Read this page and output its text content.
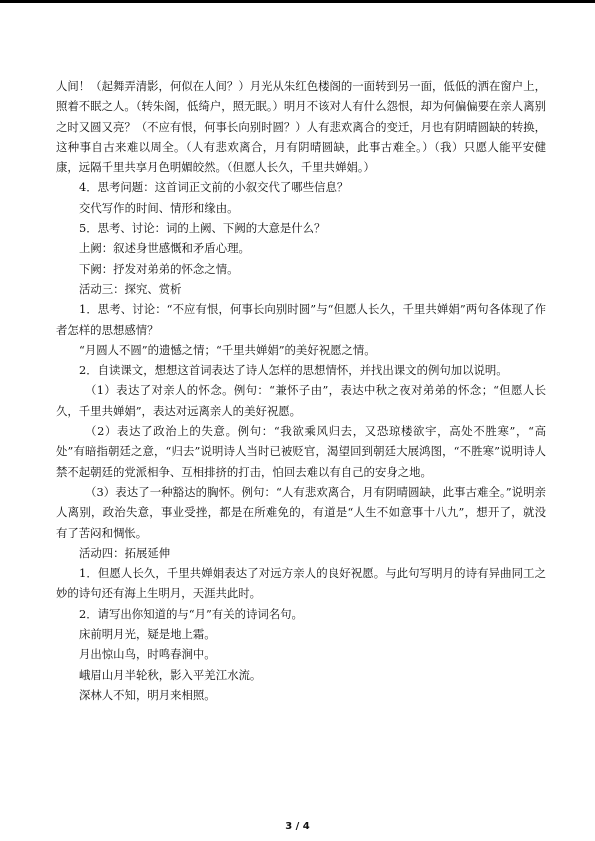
人间！（起舞弄清影，何似在人间？）月光从朱红色楼阁的一面转到另一面，低低的洒在窗户上，照着不眠之人。（转朱阁，低绮户，照无眠。）明月不该对人有什么怨恨，却为何偏偏要在亲人离别之时又圆又亮？（不应有恨，何事长向别时圆？）人有悲欢离合的变迁，月也有阴晴圆缺的转换，这种事自古来难以周全。（人有悲欢离合，月有阴晴圆缺，此事古难全。）（我）只愿人能平安健康，远隔千里共享月色明媚皎然。（但愿人长久，千里共婵娟。）

4．思考问题：这首词正文前的小叙交代了哪些信息？

交代写作的时间、情形和缘由。

5．思考、讨论：词的上阙、下阙的大意是什么？

上阙：叙述身世感慨和矛盾心理。

下阙：抒发对弟弟的怀念之情。

活动三：探究、赏析

1．思考、讨论：“不应有恨，何事长向别时圆”与“但愿人长久，千里共婵娟”两句各体现了作者怎样的思想感情？

“月圆人不圆”的遗憾之情；“千里共婵娟”的美好祝愿之情。

2．自读课文，想想这首词表达了诗人怎样的思想情怀，并找出课文的例句加以说明。

（1）表达了对亲人的怀念。例句：“兼怀子由”，表达中秋之夜对弟弟的怀念；“但愿人长久，千里共婵娟”，表达对远离亲人的美好祝愿。

（2）表达了政治上的失意。例句：“我欲乘风归去，又恐琼楼欲宇，高处不胜寒”，“高处”有暗指朝廷之意，“归去”说明诗人当时已被贬官，渴望回到朝廷大展鸿图，“不胜寒”说明诗人禁不起朝廷的党派相争、互相排挤的打击，怕回去难以有自己的安身之地。

（3）表达了一种豁达的胸怀。例句：“人有悲欢离合，月有阴晴圆缺，此事古难全。”说明亲人离别，政治失意，事业受挫，都是在所难免的，有道是“人生不如意事十八九”，想开了，就没有了苦闷和惆怅。

活动四：拓展延伸

1．但愿人长久，千里共婵娟表达了对远方亲人的良好祝愿。与此句写明月的诗有异曲同工之妙的诗句还有海上生明月，天涯共此时。

2．请写出你知道的与“月”有关的诗词名句。

床前明月光，疑是地上霜。

月出惊山鸟，时鸣春涧中。

峨眉山月半轮秋，影入平羌江水流。

深林人不知，明月来相照。

3 / 4
